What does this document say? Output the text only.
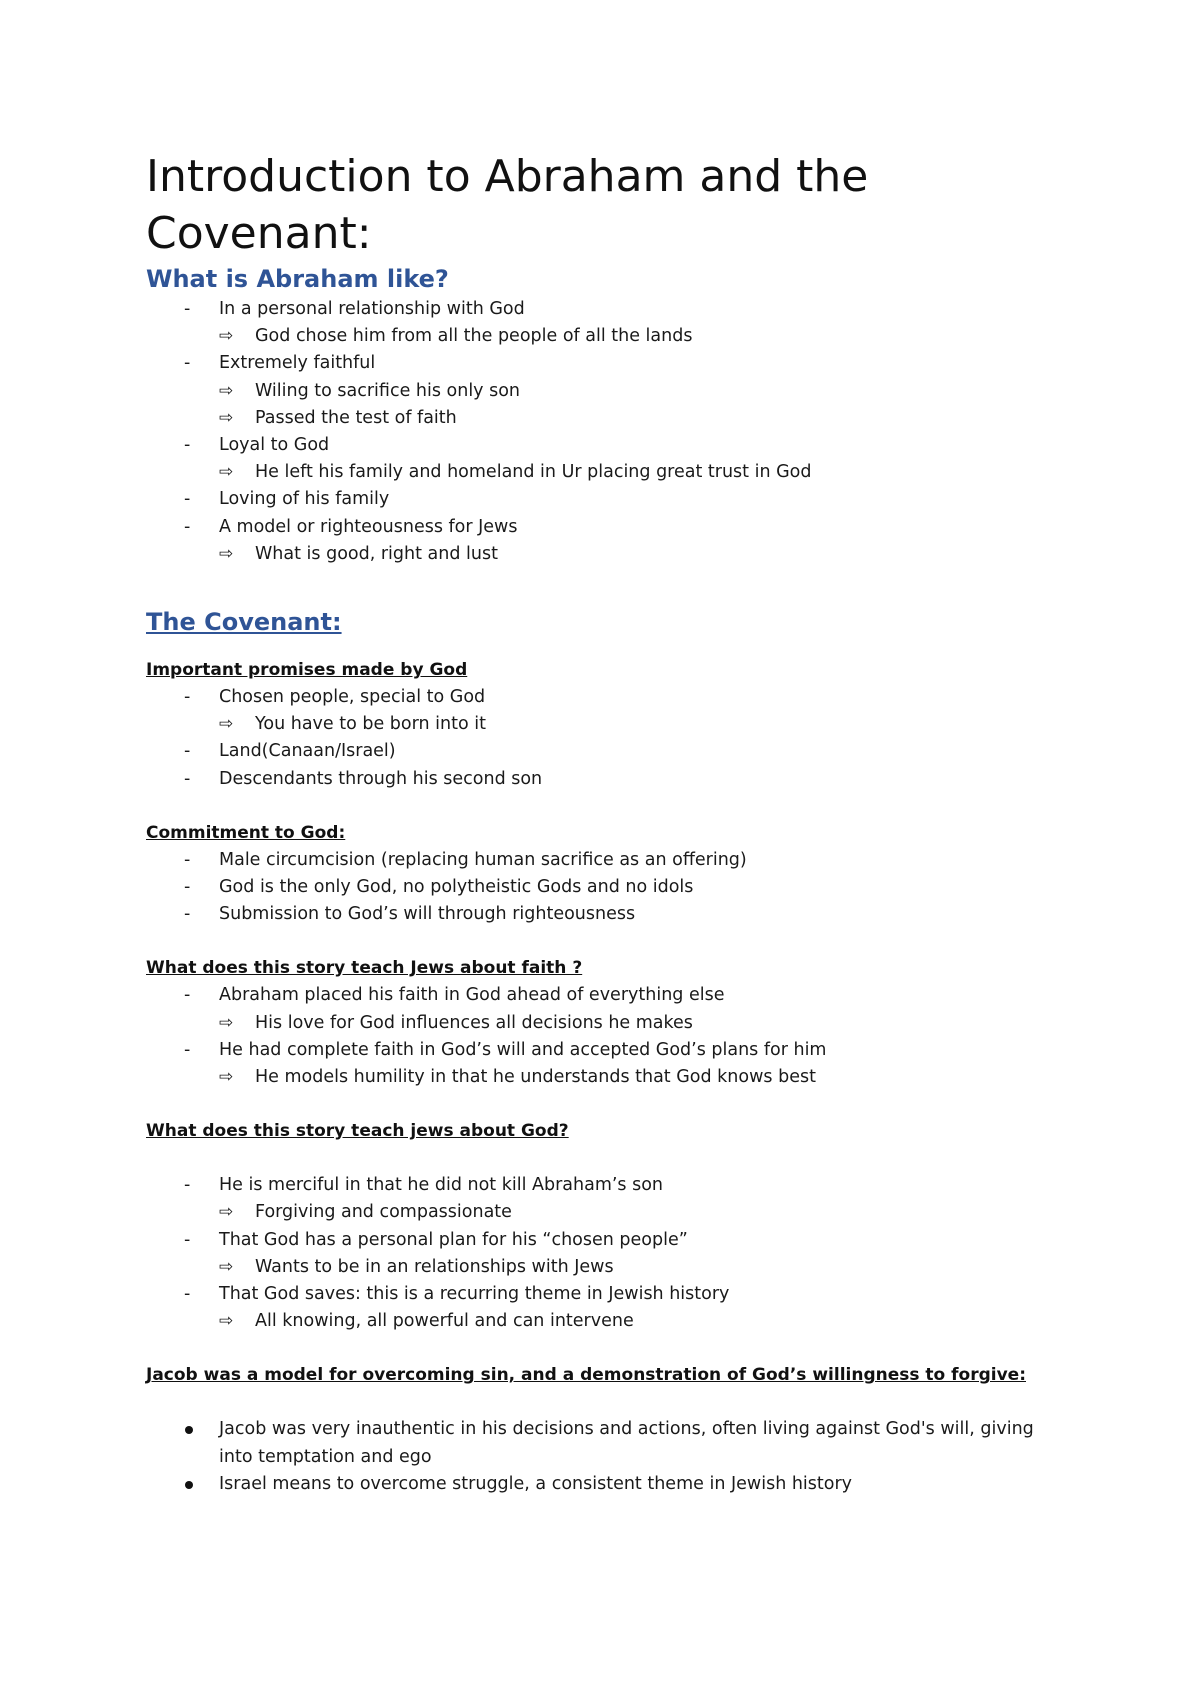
Introduction to Abraham and the Covenant:
What is Abraham like?
- In a personal relationship with God
⇨ God chose him from all the people of all the lands
- Extremely faithful
⇨ Wiling to sacrifice his only son
⇨ Passed the test of faith
- Loyal to God
⇨ He left his family and homeland in Ur placing great trust in God
- Loving of his family
- A model or righteousness for Jews
⇨ What is good, right and lust
The Covenant:
Important promises made by God
- Chosen people, special to God
⇨ You have to be born into it
- Land(Canaan/Israel)
- Descendants through his second son
Commitment to God:
- Male circumcision (replacing human sacrifice as an offering)
- God is the only God, no polytheistic Gods and no idols
- Submission to God’s will through righteousness
What does this story teach Jews about faith ?
- Abraham placed his faith in God ahead of everything else
⇨ His love for God influences all decisions he makes
- He had complete faith in God’s will and accepted God’s plans for him
⇨ He models humility in that he understands that God knows best
What does this story teach jews about God?
- He is merciful in that he did not kill Abraham’s son
⇨ Forgiving and compassionate
- That God has a personal plan for his “chosen people”
⇨ Wants to be in an relationships with Jews
- That God saves: this is a recurring theme in Jewish history
⇨ All knowing, all powerful and can intervene
Jacob was a model for overcoming sin, and a demonstration of God’s willingness to forgive:
Jacob was very inauthentic in his decisions and actions, often living against God's will, giving into temptation and ego
Israel means to overcome struggle, a consistent theme in Jewish history
